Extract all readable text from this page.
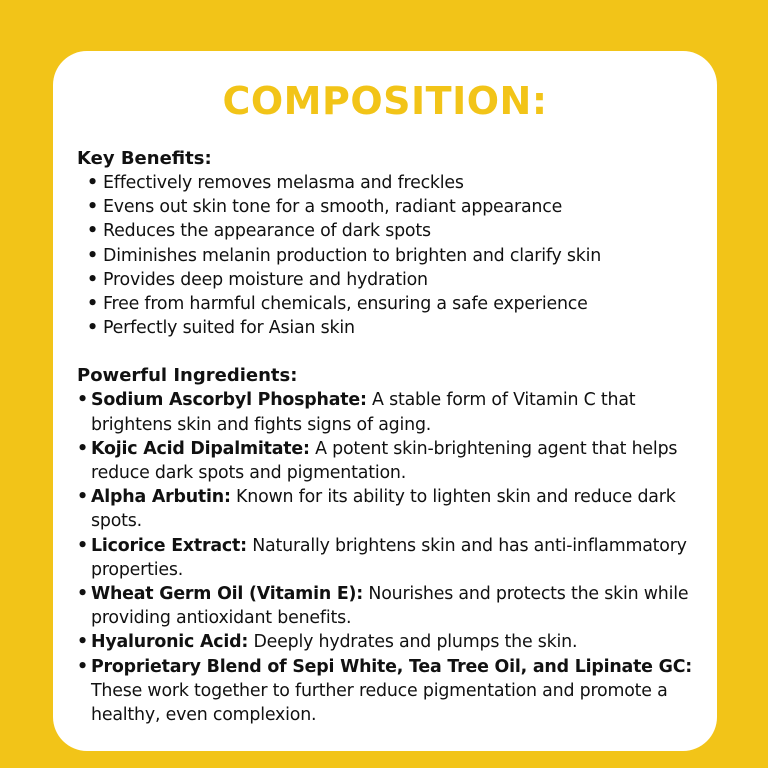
COMPOSITION:
Key Benefits:
• Effectively removes melasma and freckles
• Evens out skin tone for a smooth, radiant appearance
• Reduces the appearance of dark spots
• Diminishes melanin production to brighten and clarify skin
• Provides deep moisture and hydration
• Free from harmful chemicals, ensuring a safe experience
• Perfectly suited for Asian skin
Powerful Ingredients:
• Sodium Ascorbyl Phosphate: A stable form of Vitamin C that brightens skin and fights signs of aging.
• Kojic Acid Dipalmitate: A potent skin-brightening agent that helps reduce dark spots and pigmentation.
• Alpha Arbutin: Known for its ability to lighten skin and reduce dark spots.
• Licorice Extract: Naturally brightens skin and has anti-inflammatory properties.
• Wheat Germ Oil (Vitamin E): Nourishes and protects the skin while providing antioxidant benefits.
• Hyaluronic Acid: Deeply hydrates and plumps the skin.
• Proprietary Blend of Sepi White, Tea Tree Oil, and Lipinate GC: These work together to further reduce pigmentation and promote a healthy, even complexion.
